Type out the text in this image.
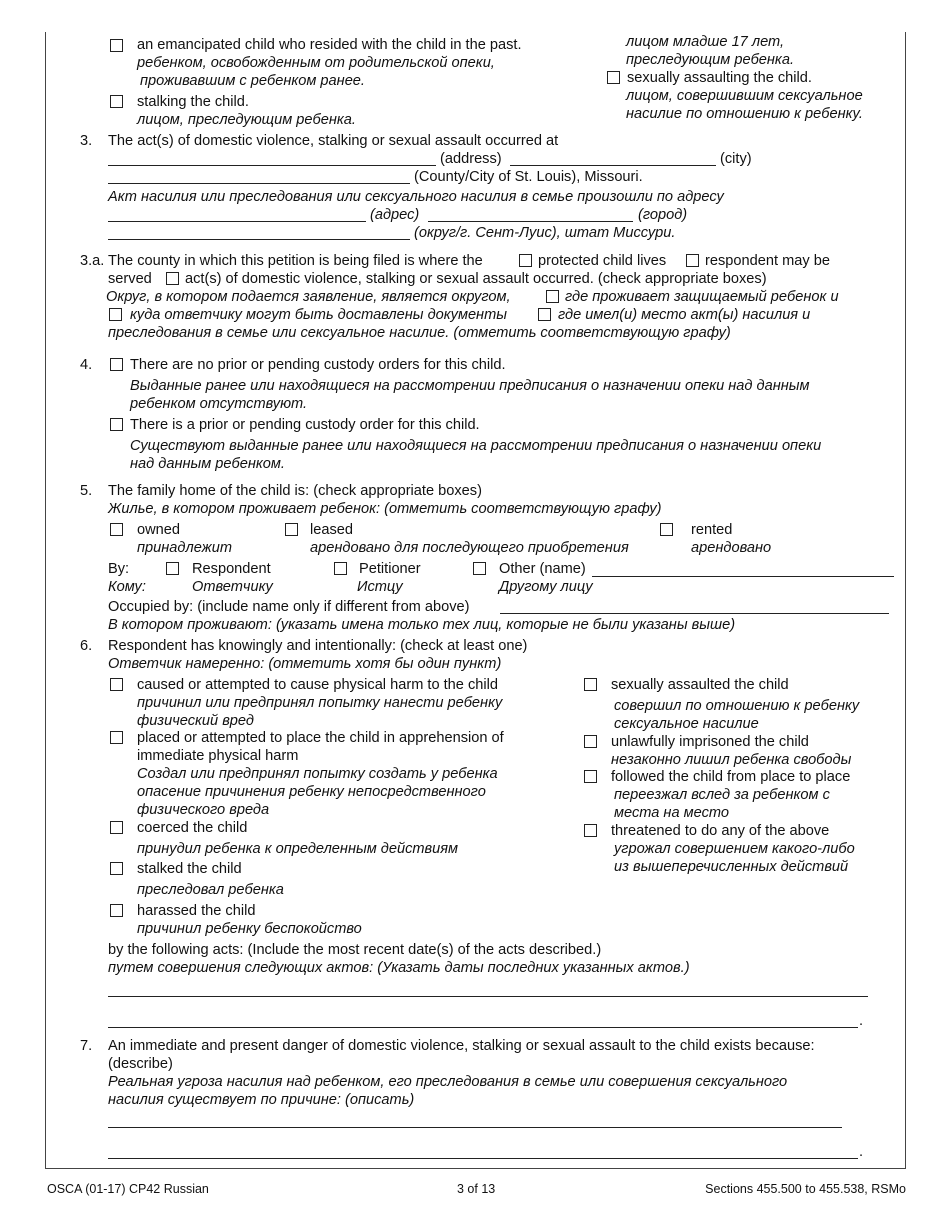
an emancipated child who resided with the child in the past.
ребенком, освобожденным от родительской опеки,
проживавшим с ребенком ранее.
stalking the child.
лицом, преследующим ребенка.
лицом младше 17 лет,
преследующим ребенка.
sexually assaulting the child.
лицом, совершившим сексуальное
насилие по отношению к ребенку.
3. The act(s) of domestic violence, stalking or sexual assault occurred at
(address)	(city)
(County/City of St. Louis), Missouri.
Акт насилия или преследования или сексуального насилия в семье произошли по адресу
(адрес)	(город)
(округ/г. Сент-Луис), штат Миссури.
3.a. The county in which this petition is being filed is where the	protected child lives	respondent may be
served act(s) of domestic violence, stalking or sexual assault occurred. (check appropriate boxes)
Округ, в котором подается заявление, является округом,	где проживает защищаемый ребенок и
куда ответчику могут быть доставлены документы	где имел(и) место акт(ы) насилия и
преследования в семье или сексуальное насилие. (отметить соответствующую графу)
4.	There are no prior or pending custody orders for this child.
Выданные ранее или находящиеся на рассмотрении предписания о назначении опеки над данным
ребенком отсутствуют.
There is a prior or pending custody order for this child.
Существуют выданные ранее или находящиеся на рассмотрении предписания о назначении опеки
над данным ребенком.
5. The family home of the child is: (check appropriate boxes)
Жилье, в котором проживает ребенок: (отметить соответствующую графу)
owned
принадлежит
leased
арендовано для последующего приобретения
rented
арендовано
By:
Кому:
Respondent
Ответчику
Petitioner
Истцу
Other (name)
Другому лицу
Occupied by: (include name only if different from above)
В котором проживают: (указать имена только тех лиц, которые не были указаны выше)
6. Respondent has knowingly and intentionally: (check at least one)
Ответчик намеренно: (отметить хотя бы один пункт)
caused or attempted to cause physical harm to the child
причинил или предпринял попытку нанести ребенку
физический вред
placed or attempted to place the child in apprehension of
immediate physical harm
Создал или предпринял попытку создать у ребенка
опасение причинения ребенку непосредственного
физического вреда
coerced the child
принудил ребенка к определенным действиям
stalked the child
преследовал ребенка
harassed the child
причинил ребенку беспокойство
sexually assaulted the child
совершил по отношению к ребенку
сексуальное насилие
unlawfully imprisoned the child
незаконно лишил ребенка свободы
followed the child from place to place
переезжал вслед за ребенком с
места на место
threatened to do any of the above
угрожал совершением какого-либо
из вышеперечисленных действий
by the following acts: (Include the most recent date(s) of the acts described.)
путем совершения следующих актов: (Указать даты последних указанных актов.)
.
7. An immediate and present danger of domestic violence, stalking or sexual assault to the child exists because:
(describe)
Реальная угроза насилия над ребенком, его преследования в семье или совершения сексуального
насилия существует по причине: (описать)
.
OSCA (01-17) CP42 Russian	3 of 13	Sections 455.500 to 455.538, RSMo
